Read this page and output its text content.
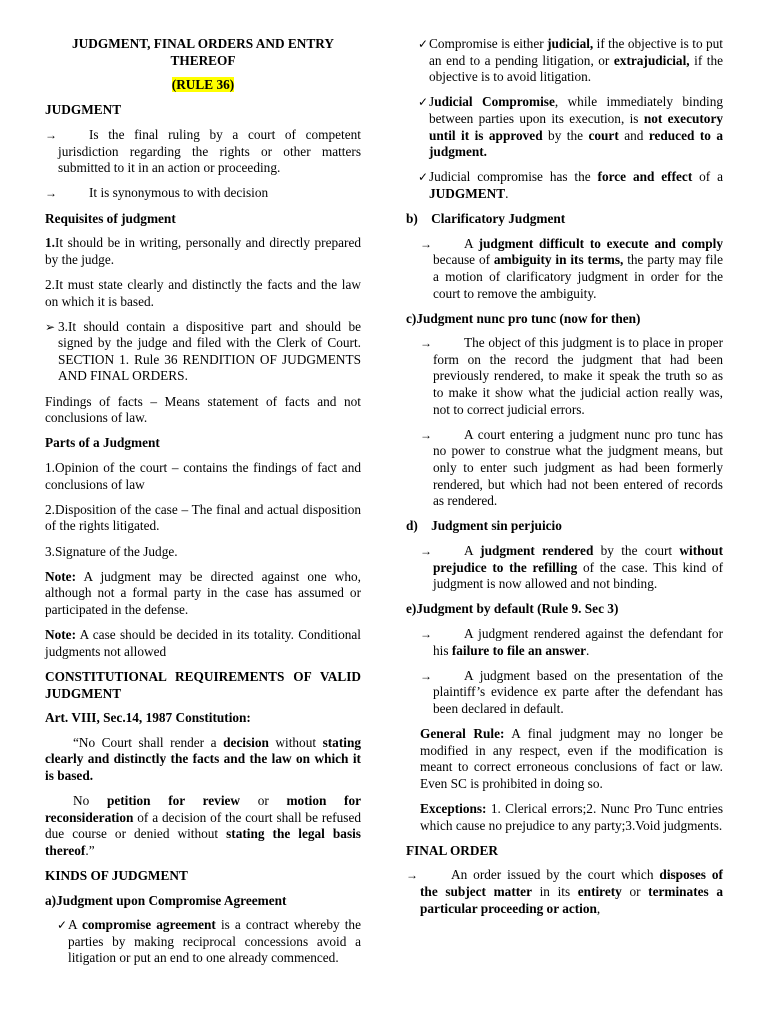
JUDGMENT, FINAL ORDERS AND ENTRY THEREOF

(RULE 36)

JUDGMENT

→ Is the final ruling by a court of competent jurisdiction regarding the rights or other matters submitted to it in an action or proceeding.

→ It is synonymous to with decision

Requisites of judgment

1.It should be in writing, personally and directly prepared by the judge.

2.It must state clearly and distinctly the facts and the law on which it is based.

➢ 3.It should contain a dispositive part and should be signed by the judge and filed with the Clerk of Court. SECTION 1. Rule 36 RENDITION OF JUDGMENTS AND FINAL ORDERS.

Findings of facts – Means statement of facts and not conclusions of law.

Parts of a Judgment

1.Opinion of the court – contains the findings of fact and conclusions of law

2.Disposition of the case – The final and actual disposition of the rights litigated.

3.Signature of the Judge.

Note: A judgment may be directed against one who, although not a formal party in the case has assumed or participated in the defense.

Note: A case should be decided in its totality. Conditional judgments not allowed

CONSTITUTIONAL REQUIREMENTS OF VALID JUDGMENT

Art. VIII, Sec.14, 1987 Constitution:

“No Court shall render a decision without stating clearly and distinctly the facts and the law on which it is based.

No petition for review or motion for reconsideration of a decision of the court shall be refused due course or denied without stating the legal basis thereof.”

KINDS OF JUDGMENT

a)Judgment upon Compromise Agreement

✓ A compromise agreement is a contract whereby the parties by making reciprocal concessions avoid a litigation or put an end to one already commenced.

✓ Compromise is either judicial, if the objective is to put an end to a pending litigation, or extrajudicial, if the objective is to avoid litigation.

✓ Judicial Compromise, while immediately binding between parties upon its execution, is not executory until it is approved by the court and reduced to a judgment.

✓ Judicial compromise has the force and effect of a JUDGMENT.

b)    Clarificatory Judgment

→ A judgment difficult to execute and comply because of ambiguity in its terms, the party may file a motion of clarificatory judgment in order for the court to remove the ambiguity.

c)Judgment nunc pro tunc (now for then)

→ The object of this judgment is to place in proper form on the record the judgment that had been previously rendered, to make it speak the truth so as to make it show what the judicial action really was, not to correct judicial errors.

→ A court entering a judgment nunc pro tunc has no power to construe what the judgment means, but only to enter such judgment as had been formerly rendered, but which had not been entered of records as rendered.

d)    Judgment sin perjuicio

→ A judgment rendered by the court without prejudice to the refilling of the case. This kind of judgment is now allowed and not binding.

e)Judgment by default (Rule 9. Sec 3)

→ A judgment rendered against the defendant for his failure to file an answer.

→ A judgment based on the presentation of the plaintiff’s evidence ex parte after the defendant has been declared in default.

General Rule: A final judgment may no longer be modified in any respect, even if the modification is meant to correct erroneous conclusions of fact or law. Even SC is prohibited in doing so.

Exceptions: 1. Clerical errors;2. Nunc Pro Tunc entries which cause no prejudice to any party;3.Void judgments.

FINAL ORDER

→ An order issued by the court which disposes of the subject matter in its entirety or terminates a particular proceeding or action,
